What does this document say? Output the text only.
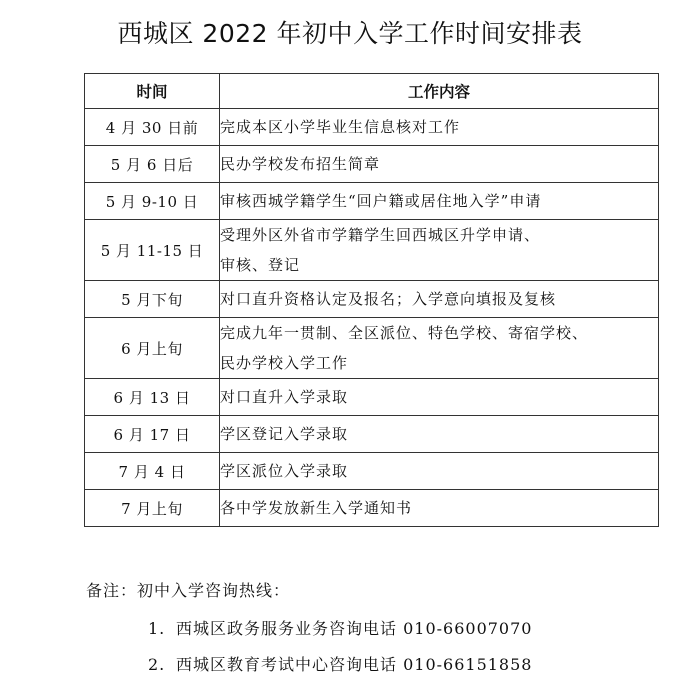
西城区 2022 年初中入学工作时间安排表
时间	工作内容
4 月 30 日前	完成本区小学毕业生信息核对工作

5 月 6 日后	民办学校发布招生简章

5 月 9-10 日	审核西城学籍学生“回户籍或居住地入学”申请

5 月 11-15 日	受理外区外省市学籍学生回西城区升学申请、
审核、登记

5 月下旬	对口直升资格认定及报名；入学意向填报及复核

6 月上旬	完成九年一贯制、全区派位、特色学校、寄宿学校、
民办学校入学工作

6 月 13 日	对口直升入学录取

6 月 17 日	学区登记入学录取

7 月 4 日	学区派位入学录取

7 月上旬	各中学发放新生入学通知书
备注：初中入学咨询热线：
1. 西城区政务服务业务咨询电话 010-66007070
2. 西城区教育考试中心咨询电话 010-66151858
